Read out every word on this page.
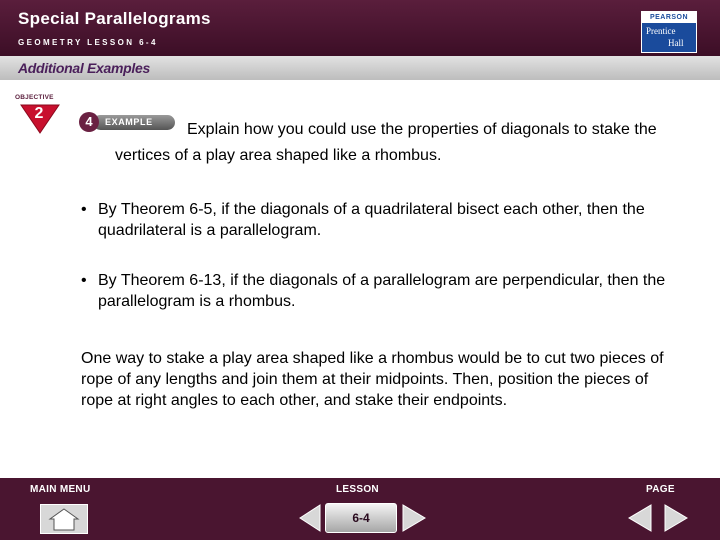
Special Parallelograms
GEOMETRY LESSON 6-4
PEARSON
Prentice
Hall
Additional Examples
OBJECTIVE
2	EXAMPLE
4	Explain how you could use the properties of diagonals to stake the vertices of a play area shaped like a rhombus.
• By Theorem 6-5, if the diagonals of a quadrilateral bisect each other, then the quadrilateral is a parallelogram.
• By Theorem 6-13, if the diagonals of a parallelogram are perpendicular, then the parallelogram is a rhombus.
One way to stake a play area shaped like a rhombus would be to cut two pieces of rope of any lengths and join them at their midpoints. Then, position the pieces of rope at right angles to each other, and stake their endpoints.
MAIN MENU	LESSON	PAGE
6-4
